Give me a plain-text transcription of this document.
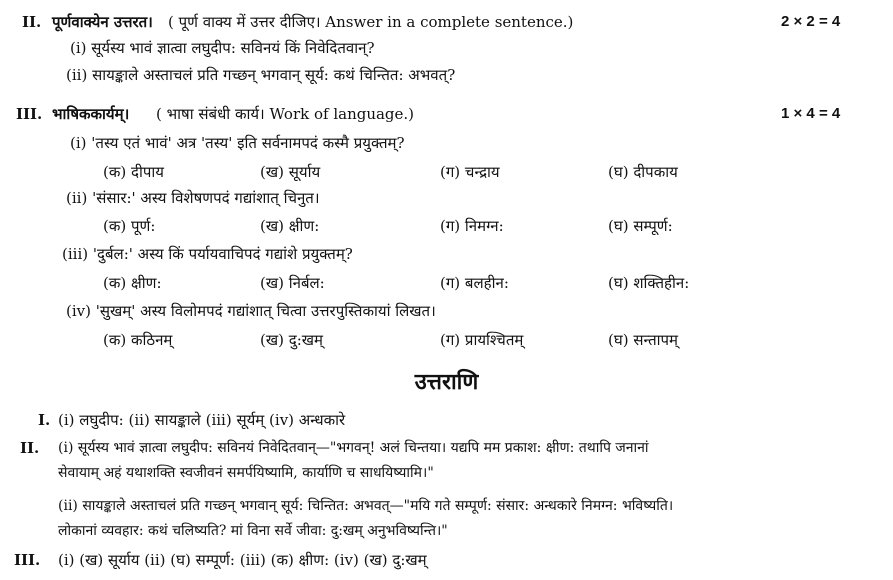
II. पूर्णवाक्येन उत्तरत। ( पूर्ण वाक्य में उत्तर दीजिए। Answer in a complete sentence.)	2 × 2 = 4
(i) सूर्यस्य भावं ज्ञात्वा लघुदीप: सविनयं किं निवेदितवान्?
(ii) सायङ्काले अस्ताचलं प्रति गच्छन् भगवान् सूर्य: कथं चिन्तित: अभवत्?
III. भाषिककार्यम्। ( भाषा संबंधी कार्य। Work of language.)	1 × 4 = 4
(i) 'तस्य एतं भावं' अत्र 'तस्य' इति सर्वनामपदं कस्मै प्रयुक्तम्?
(क) दीपाय	(ख) सूर्याय	(ग) चन्द्राय	(घ) दीपकाय
(ii) 'संसार:' अस्य विशेषणपदं गद्यांशात् चिनुत।
(क) पूर्ण:	(ख) क्षीण:	(ग) निमग्न:	(घ) सम्पूर्ण:
(iii) 'दुर्बल:' अस्य किं पर्यायवाचिपदं गद्यांशे प्रयुक्तम्?
(क) क्षीण:	(ख) निर्बल:	(ग) बलहीन:	(घ) शक्तिहीन:
(iv) 'सुखम्' अस्य विलोमपदं गद्यांशात् चित्वा उत्तरपुस्तिकायां लिखत।
(क) कठिनम्	(ख) दु:खम्	(ग) प्रायश्चितम्	(घ) सन्तापम्
उत्तराणि
I. (i) लघुदीप: (ii) सायङ्काले (iii) सूर्यम् (iv) अन्धकारे
II. (i) सूर्यस्य भावं ज्ञात्वा लघुदीप: सविनयं निवेदितवान्—"भगवन्! अलं चिन्तया। यद्यपि मम प्रकाश: क्षीण: तथापि जनानां
सेवायाम् अहं यथाशक्ति स्वजीवनं समर्पयिष्यामि, कार्याणि च साधयिष्यामि।"
(ii) सायङ्काले अस्ताचलं प्रति गच्छन् भगवान् सूर्य: चिन्तित: अभवत्—"मयि गते सम्पूर्ण: संसार: अन्धकारे निमग्न: भविष्यति।
लोकानां व्यवहार: कथं चलिष्यति? मां विना सर्वे जीवा: दु:खम् अनुभविष्यन्ति।"
III. (i) (ख) सूर्याय (ii) (घ) सम्पूर्ण: (iii) (क) क्षीण: (iv) (ख) दु:खम्
